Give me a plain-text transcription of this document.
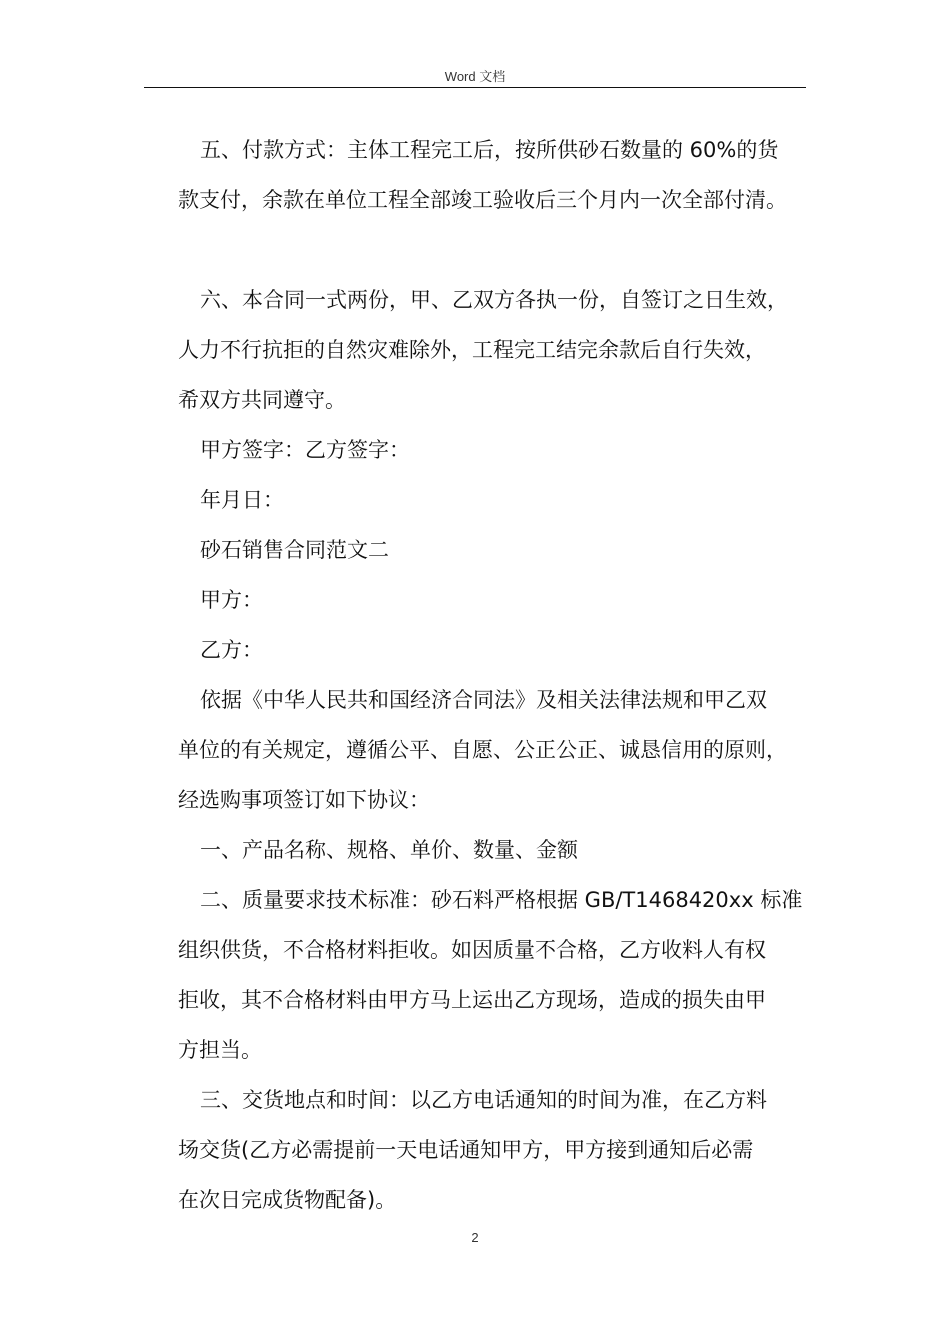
Word 文档
五、付款方式：主体工程完工后，按所供砂石数量的 60%的货
款支付，余款在单位工程全部竣工验收后三个月内一次全部付清。
六、本合同一式两份，甲、乙双方各执一份，自签订之日生效，
人力不行抗拒的自然灾难除外，工程完工结完余款后自行失效，
希双方共同遵守。
甲方签字：乙方签字：
年月日：
砂石销售合同范文二
甲方：
乙方：
依据《中华人民共和国经济合同法》及相关法律法规和甲乙双
单位的有关规定，遵循公平、自愿、公正公正、诚恳信用的原则，
经选购事项签订如下协议：
一、产品名称、规格、单价、数量、金额
二、质量要求技术标准：砂石料严格根据 GB/T1468420xx 标准
组织供货，不合格材料拒收。如因质量不合格，乙方收料人有权
拒收，其不合格材料由甲方马上运出乙方现场，造成的损失由甲
方担当。
三、交货地点和时间：以乙方电话通知的时间为准，在乙方料
场交货(乙方必需提前一天电话通知甲方，甲方接到通知后必需
在次日完成货物配备)。
2
